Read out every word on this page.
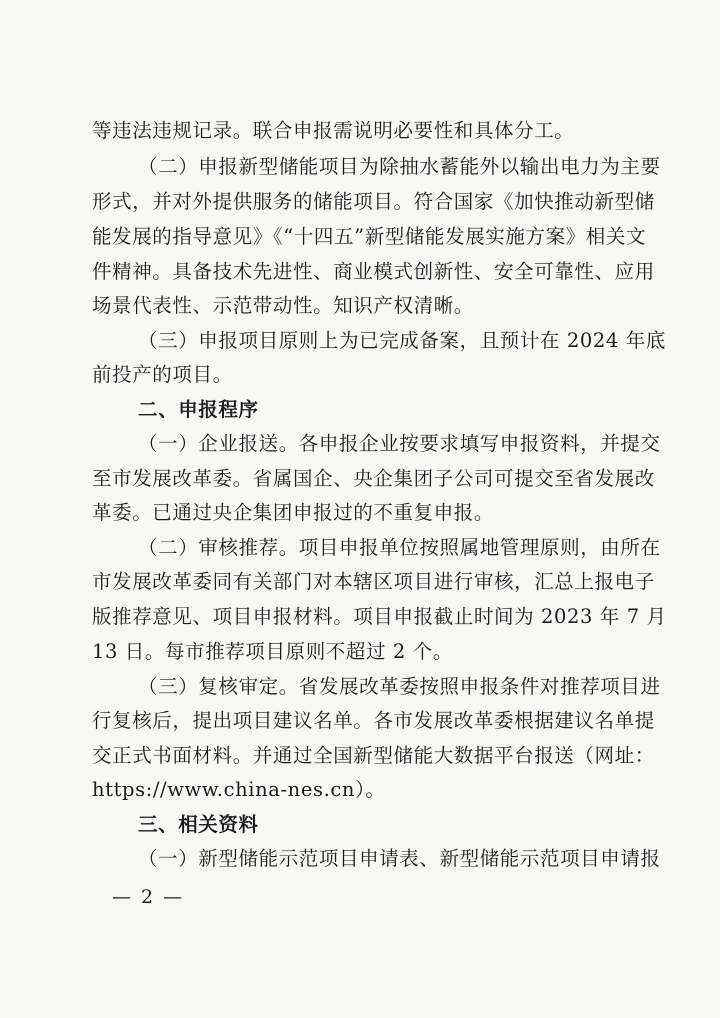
等违法违规记录。联合申报需说明必要性和具体分工。
（二）申报新型储能项目为除抽水蓄能外以输出电力为主要
形式，并对外提供服务的储能项目。符合国家《加快推动新型储
能发展的指导意见》《“十四五”新型储能发展实施方案》相关文
件精神。具备技术先进性、商业模式创新性、安全可靠性、应用
场景代表性、示范带动性。知识产权清晰。
（三）申报项目原则上为已完成备案，且预计在 2024 年底
前投产的项目。
二、申报程序
（一）企业报送。各申报企业按要求填写申报资料，并提交
至市发展改革委。省属国企、央企集团子公司可提交至省发展改
革委。已通过央企集团申报过的不重复申报。
（二）审核推荐。项目申报单位按照属地管理原则，由所在
市发展改革委同有关部门对本辖区项目进行审核，汇总上报电子
版推荐意见、项目申报材料。项目申报截止时间为 2023 年 7 月
13 日。每市推荐项目原则不超过 2 个。
（三）复核审定。省发展改革委按照申报条件对推荐项目进
行复核后，提出项目建议名单。各市发展改革委根据建议名单提
交正式书面材料。并通过全国新型储能大数据平台报送（网址：
https://www.china-nes.cn）。
三、相关资料
（一）新型储能示范项目申请表、新型储能示范项目申请报
— 2 —
